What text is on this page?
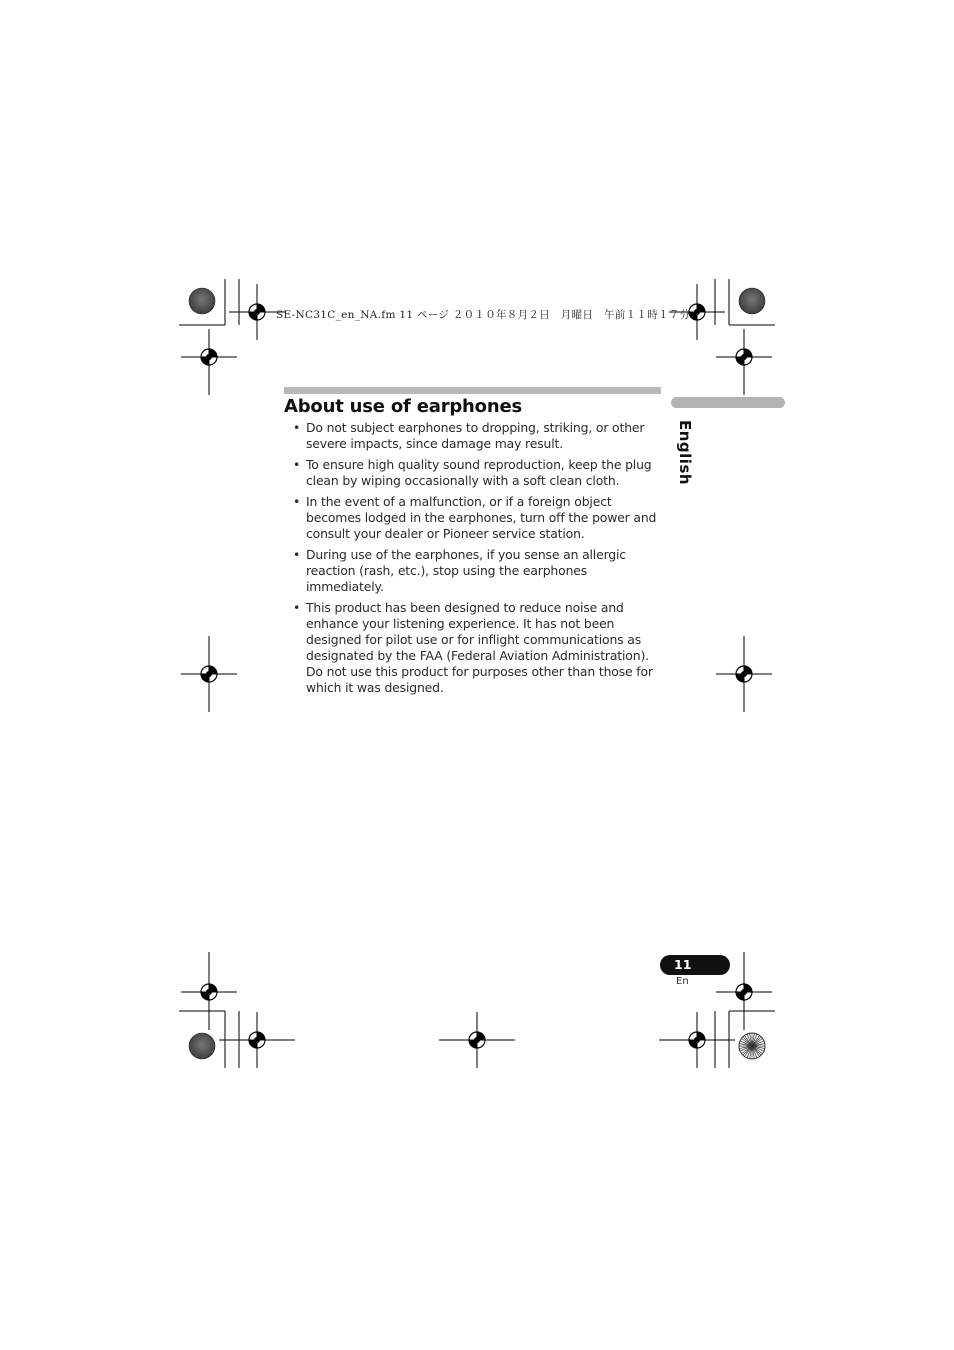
SE-NC31C_en_NA.fm 11 ページ ２０１０年８月２日　月曜日　午前１１時１７分
About use of earphones
• Do not subject earphones to dropping, striking, or other severe impacts, since damage may result.
• To ensure high quality sound reproduction, keep the plug clean by wiping occasionally with a soft clean cloth.
• In the event of a malfunction, or if a foreign object becomes lodged in the earphones, turn off the power and consult your dealer or Pioneer service station.
• During use of the earphones, if you sense an allergic reaction (rash, etc.), stop using the earphones immediately.
• This product has been designed to reduce noise and enhance your listening experience. It has not been designed for pilot use or for inflight communications as designated by the FAA (Federal Aviation Administration). Do not use this product for purposes other than those for which it was designed.
English
11
En
